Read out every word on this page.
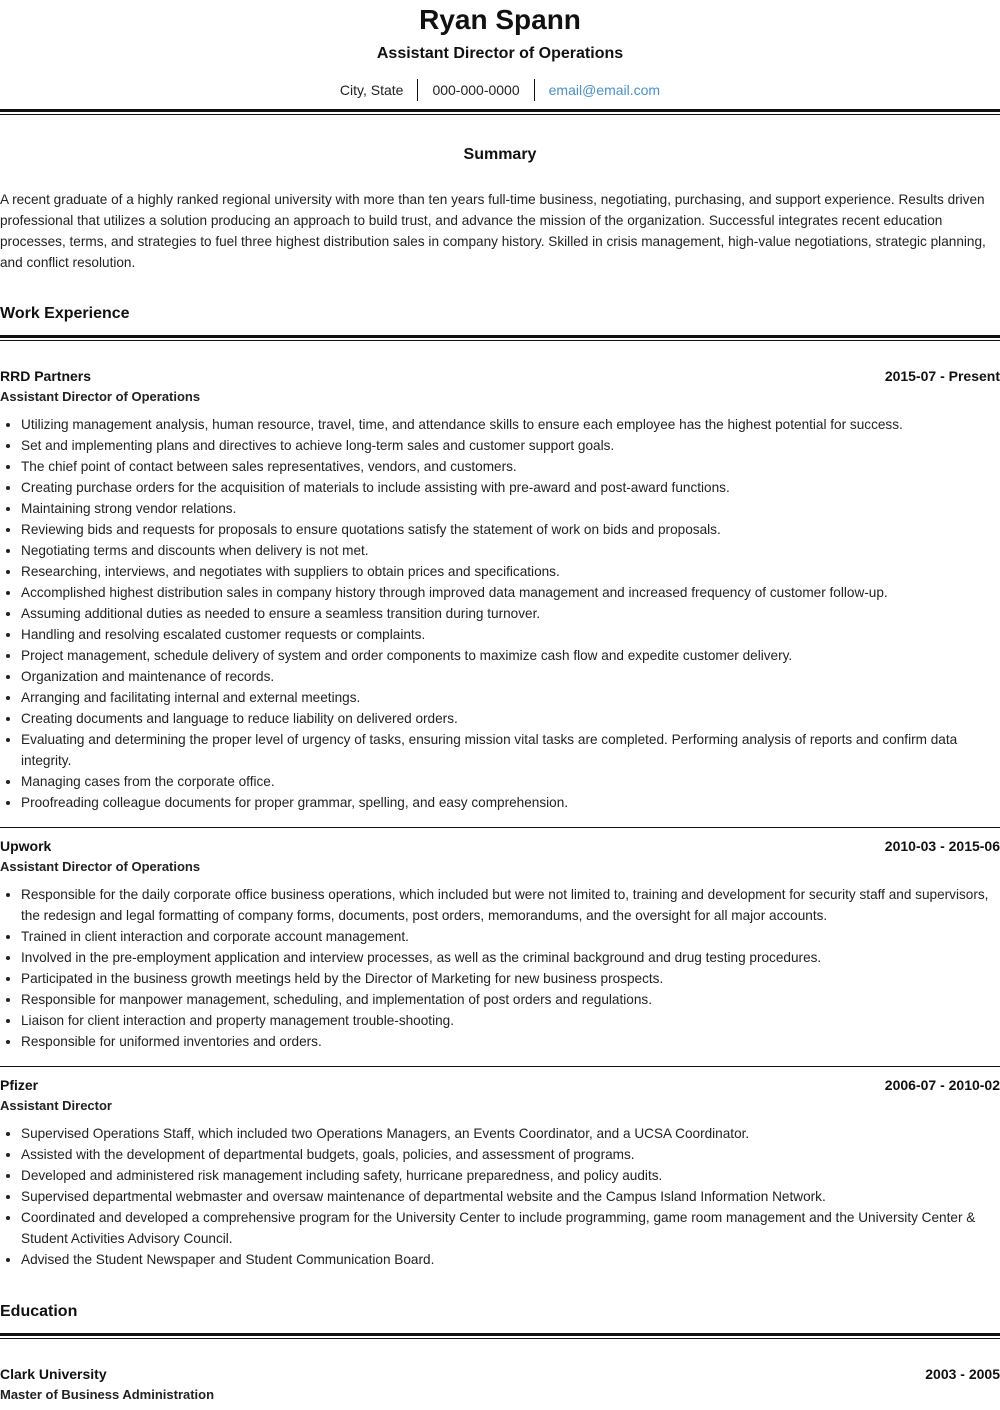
Ryan Spann
Assistant Director of Operations
City, State	000-000-0000	email@email.com
Summary
A recent graduate of a highly ranked regional university with more than ten years full-time business, negotiating, purchasing, and support experience. Results driven professional that utilizes a solution producing an approach to build trust, and advance the mission of the organization. Successful integrates recent education processes, terms, and strategies to fuel three highest distribution sales in company history. Skilled in crisis management, high-value negotiations, strategic planning, and conflict resolution.
Work Experience
RRD Partners	2015-07 - Present
Assistant Director of Operations
• Utilizing management analysis, human resource, travel, time, and attendance skills to ensure each employee has the highest potential for success.
• Set and implementing plans and directives to achieve long-term sales and customer support goals.
• The chief point of contact between sales representatives, vendors, and customers.
• Creating purchase orders for the acquisition of materials to include assisting with pre-award and post-award functions.
• Maintaining strong vendor relations.
• Reviewing bids and requests for proposals to ensure quotations satisfy the statement of work on bids and proposals.
• Negotiating terms and discounts when delivery is not met.
• Researching, interviews, and negotiates with suppliers to obtain prices and specifications.
• Accomplished highest distribution sales in company history through improved data management and increased frequency of customer follow-up.
• Assuming additional duties as needed to ensure a seamless transition during turnover.
• Handling and resolving escalated customer requests or complaints.
• Project management, schedule delivery of system and order components to maximize cash flow and expedite customer delivery.
• Organization and maintenance of records.
• Arranging and facilitating internal and external meetings.
• Creating documents and language to reduce liability on delivered orders.
• Evaluating and determining the proper level of urgency of tasks, ensuring mission vital tasks are completed. Performing analysis of reports and confirm data integrity.
• Managing cases from the corporate office.
• Proofreading colleague documents for proper grammar, spelling, and easy comprehension.
Upwork	2010-03 - 2015-06
Assistant Director of Operations
• Responsible for the daily corporate office business operations, which included but were not limited to, training and development for security staff and supervisors, the redesign and legal formatting of company forms, documents, post orders, memorandums, and the oversight for all major accounts.
• Trained in client interaction and corporate account management.
• Involved in the pre-employment application and interview processes, as well as the criminal background and drug testing procedures.
• Participated in the business growth meetings held by the Director of Marketing for new business prospects.
• Responsible for manpower management, scheduling, and implementation of post orders and regulations.
• Liaison for client interaction and property management trouble-shooting.
• Responsible for uniformed inventories and orders.
Pfizer	2006-07 - 2010-02
Assistant Director
• Supervised Operations Staff, which included two Operations Managers, an Events Coordinator, and a UCSA Coordinator.
• Assisted with the development of departmental budgets, goals, policies, and assessment of programs.
• Developed and administered risk management including safety, hurricane preparedness, and policy audits.
• Supervised departmental webmaster and oversaw maintenance of departmental website and the Campus Island Information Network.
• Coordinated and developed a comprehensive program for the University Center to include programming, game room management and the University Center & Student Activities Advisory Council.
• Advised the Student Newspaper and Student Communication Board.
Education
Clark University	2003 - 2005
Master of Business Administration
